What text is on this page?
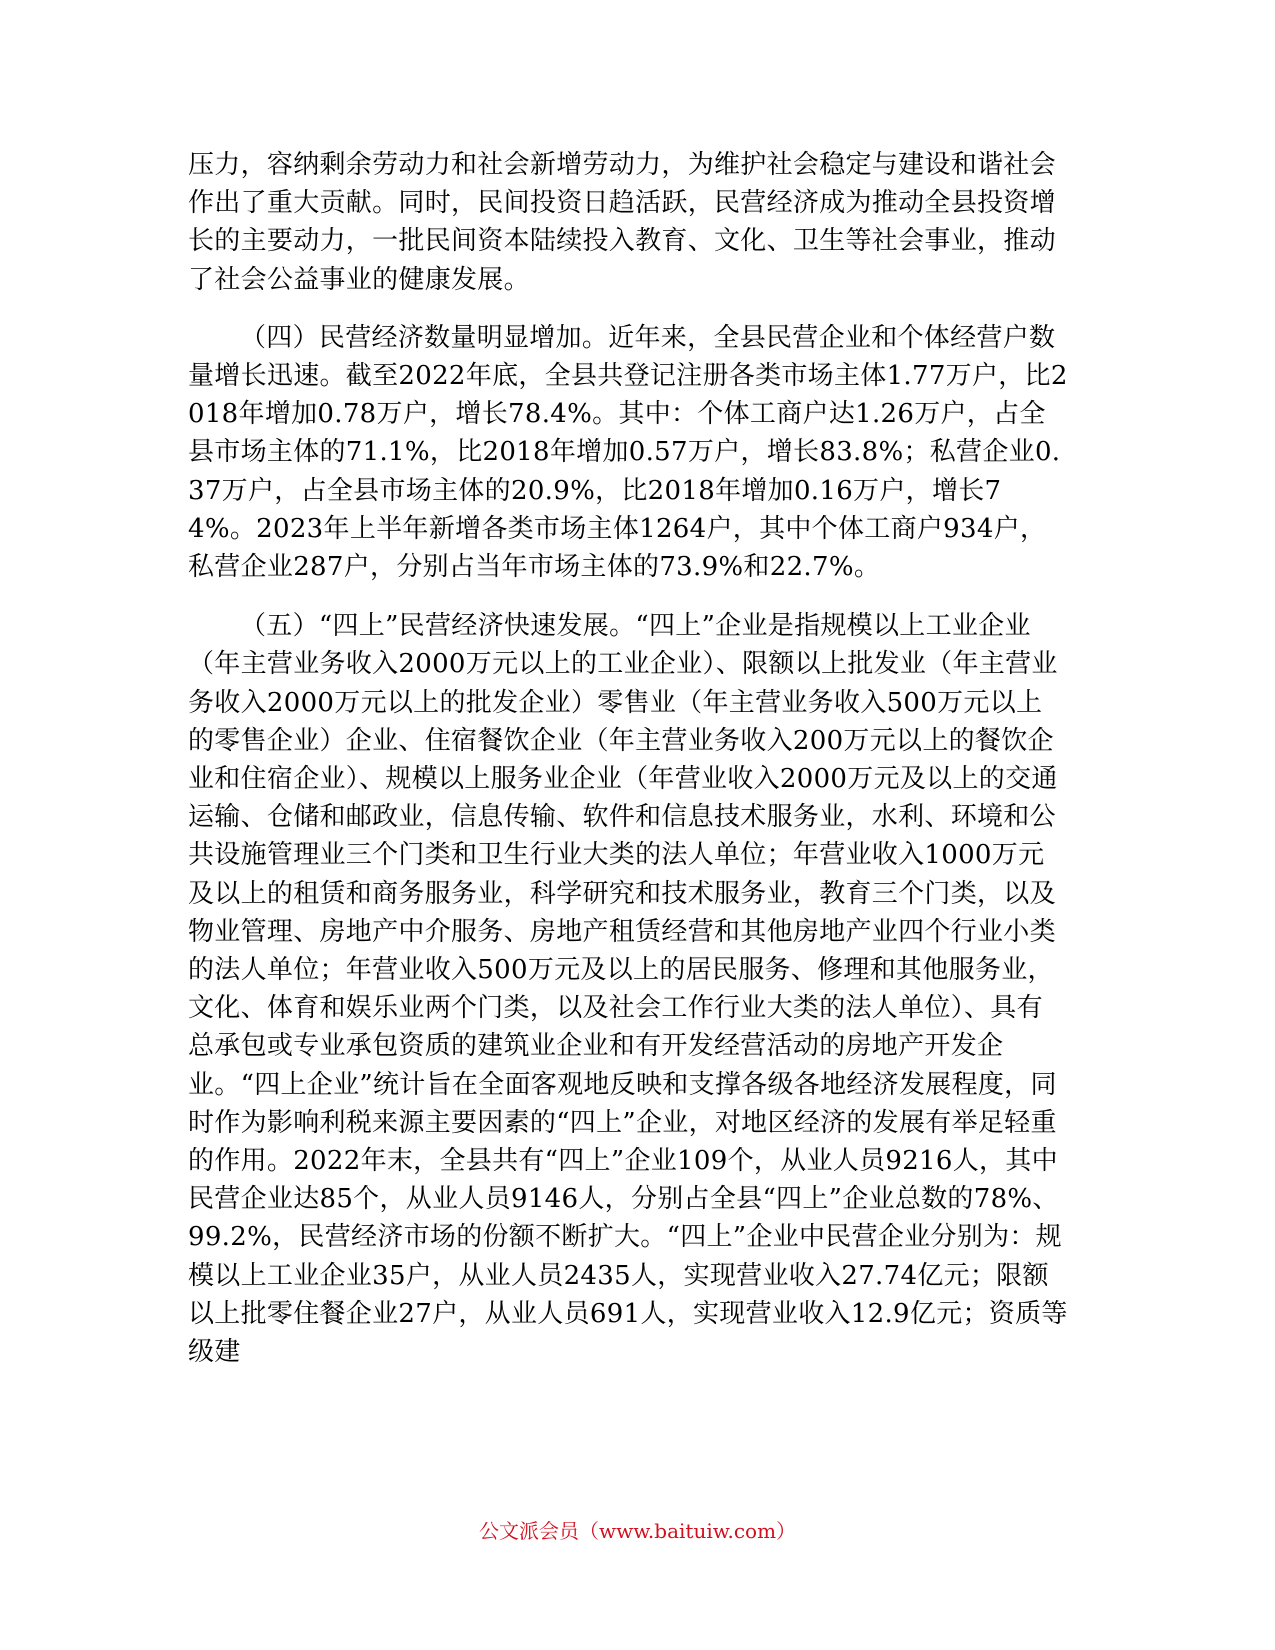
压力，容纳剩余劳动力和社会新增劳动力，为维护社会稳定与建设和谐社会作出了重大贡献。同时，民间投资日趋活跃，民营经济成为推动全县投资增长的主要动力，一批民间资本陆续投入教育、文化、卫生等社会事业，推动了社会公益事业的健康发展。

（四）民营经济数量明显增加。近年来，全县民营企业和个体经营户数量增长迅速。截至2022年底，全县共登记注册各类市场主体1.77万户，比2018年增加0.78万户，增长78.4%。其中：个体工商户达1.26万户，占全县市场主体的71.1%，比2018年增加0.57万户，增长83.8%；私营企业0.37万户，占全县市场主体的20.9%，比2018年增加0.16万户，增长74%。2023年上半年新增各类市场主体1264户，其中个体工商户934户，私营企业287户，分别占当年市场主体的73.9%和22.7%。

（五）“四上”民营经济快速发展。“四上”企业是指规模以上工业企业（年主营业务收入2000万元以上的工业企业）、限额以上批发业（年主营业务收入2000万元以上的批发企业）零售业（年主营业务收入500万元以上的零售企业）企业、住宿餐饮企业（年主营业务收入200万元以上的餐饮企业和住宿企业）、规模以上服务业企业（年营业收入2000万元及以上的交通运输、仓储和邮政业，信息传输、软件和信息技术服务业，水利、环境和公共设施管理业三个门类和卫生行业大类的法人单位；年营业收入1000万元及以上的租赁和商务服务业，科学研究和技术服务业，教育三个门类，以及物业管理、房地产中介服务、房地产租赁经营和其他房地产业四个行业小类的法人单位；年营业收入500万元及以上的居民服务、修理和其他服务业，文化、体育和娱乐业两个门类，以及社会工作行业大类的法人单位）、具有总承包或专业承包资质的建筑业企业和有开发经营活动的房地产开发企业。“四上企业”统计旨在全面客观地反映和支撑各级各地经济发展程度，同时作为影响利税来源主要因素的“四上”企业，对地区经济的发展有举足轻重的作用。2022年末，全县共有“四上”企业109个，从业人员9216人，其中民营企业达85个，从业人员9146人，分别占全县“四上”企业总数的78%、99.2%，民营经济市场的份额不断扩大。“四上”企业中民营企业分别为：规模以上工业企业35户，从业人员2435人，实现营业收入27.74亿元；限额以上批零住餐企业27户，从业人员691人，实现营业收入12.9亿元；资质等级建

公文派会员（www.baituiw.com）
